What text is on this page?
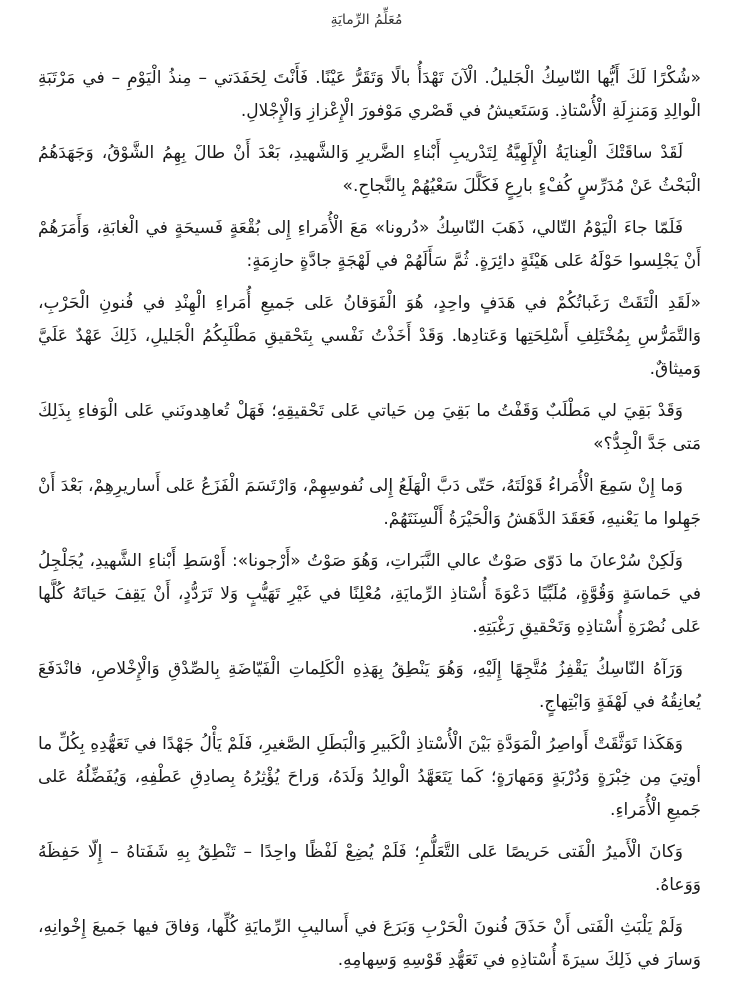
مُعَلِّمُ الرِّمايَةِ

«شُكْرًا لَكَ أَيُّها النّاسِكُ الْجَليلُ. الْآنَ تَهْدَأُ بالًا وَتَقَرُّ عَيْنًا. فَأَنْتَ لِحَفَدَتي – مِنذُ الْيَوْمِ – في مَرْتَبَةِ الْوالِدِ وَمَنزِلَةِ الْأُسْتاذِ. وَسَتَعيشُ في قَصْري مَوْفورَ الْإِعْزازِ وَالْإِجْلالِ.

لَقَدْ ساقَتْكَ الْعِنايَةُ الْإِلَهِيَّةُ لِتَدْريبِ أَبْناءِ الضَّريرِ وَالشَّهيدِ، بَعْدَ أَنْ طالَ بِهِمُ الشَّوْقُ، وَجَهَدَهُمُ الْبَحْثُ عَنْ مُدَرِّسٍ كُفْءٍ بارِعٍ فَكَلَّلَ سَعْيُهُمْ بِالنَّجاحِ.»

فَلَمّا جاءَ الْيَوْمُ التّالي، ذَهَبَ النّاسِكُ «دُرونا» مَعَ الْأُمَراءِ إِلى بُقْعَةٍ فَسيحَةٍ في الْغابَةِ، وَأَمَرَهُمْ أَنْ يَجْلِسوا حَوْلَهُ عَلى هَيْئَةٍ دائِرَةٍ. ثُمَّ سَأَلَهُمْ في لَهْجَةٍ جادَّةٍ حازِمَةٍ:

«لَقَدِ الْتَقَتْ رَغَباتُكُمْ في هَدَفٍ واحِدٍ، هُوَ الْفَوَقانُ عَلى جَميعِ أُمَراءِ الْهِنْدِ في فُنونِ الْحَرْبِ، وَالتَّمَرُّسِ بِمُخْتَلِفِ أَسْلِحَتِها وَعَتادِها. وَقَدْ أَخَذْتُ نَفْسي بِتَحْقيقِ مَطْلَبِكُمُ الْجَليلِ، ذَلِكَ عَهْدٌ عَلَيَّ وَميثاقٌ.

وَقَدْ بَقِيَ لي مَطْلَبٌ وَقَفْتُ ما بَقِيَ مِن حَياتي عَلى تَحْقيقِهِ؛ فَهَلْ تُعاهِدونَني عَلى الْوَفاءِ بِذَلِكَ مَتى جَدَّ الْجِدُّ؟»

وَما إِنْ سَمِعَ الْأُمَراءُ قَوْلَتَهُ، حَتّى دَبَّ الْهَلَعُ إِلى نُفوسِهِمْ، وَارْتَسَمَ الْفَزَعُ عَلى أَساريرِهِمْ، بَعْدَ أَنْ جَهِلوا ما يَعْنيهِ، فَعَقَدَ الدَّهَشُ وَالْحَيْرَةُ أَلْسِنَتَهُمْ.

وَلَكِنْ سُرْعانَ ما دَوّى صَوْتٌ عالي النَّبَراتِ، وَهُوَ صَوْتُ «أَرْجونا»: أَوْسَطِ أَبْناءِ الشَّهيدِ، يُجَلْجِلُ في حَماسَةٍ وَقُوَّةٍ، مُلَبِّيًا دَعْوَةَ أُسْتاذِ الرِّمايَةِ، مُعْلِنًا في غَيْرِ تَهَيُّبٍ وَلا تَرَدُّدٍ، أَنْ يَقِفَ حَياتَهُ كُلَّها عَلى نُصْرَةِ أُسْتاذِهِ وَتَحْقيقِ رَغْبَتِهِ.

وَرَآهُ النّاسِكُ يَقْفِزُ مُتَّجِهًا إِلَيْهِ، وَهُوَ يَنْطِقُ بِهَذِهِ الْكَلِماتِ الْفَيّاضَةِ بِالصِّدْقِ وَالْإِخْلاصِ، فانْدَفَعَ يُعانِقُهُ في لَهْفَةٍ وَابْتِهاجٍ.

وَهَكَذا تَوَثَّقَتْ أَواصِرُ الْمَوَدَّةِ بَيْنَ الْأُسْتاذِ الْكَبيرِ وَالْبَطَلِ الصَّغيرِ، فَلَمْ يَأْلُ جَهْدًا في تَعَهُّدِهِ بِكُلِّ ما أوتِيَ مِن خِبْرَةٍ وَدُرْبَةٍ وَمَهارَةٍ؛ كَما يَتَعَهَّدُ الْوالِدُ وَلَدَهُ، وَراحَ يُؤْثِرُهُ بِصادِقِ عَطْفِهِ، وَيُفَضِّلُهُ عَلى جَميعِ الْأُمَراءِ.

وَكانَ الْأَميرُ الْفَتى حَريصًا عَلى التَّعَلُّمِ؛ فَلَمْ يُضِعْ لَفْظًا واحِدًا – تَنْطِقُ بِهِ شَفَتاهُ – إِلّا حَفِظَهُ وَوَعاهُ.

وَلَمْ يَلْبَثِ الْفَتى أَنْ حَذَقَ فُنونَ الْحَرْبِ وَبَرَعَ في أَساليبِ الرِّمايَةِ كُلِّها، وَفاقَ فيها جَميعَ إِخْوانِهِ، وَسارَ في ذَلِكَ سيرَةَ أُسْتاذِهِ في تَعَهُّدِ قَوْسِهِ وَسِهامِهِ.
